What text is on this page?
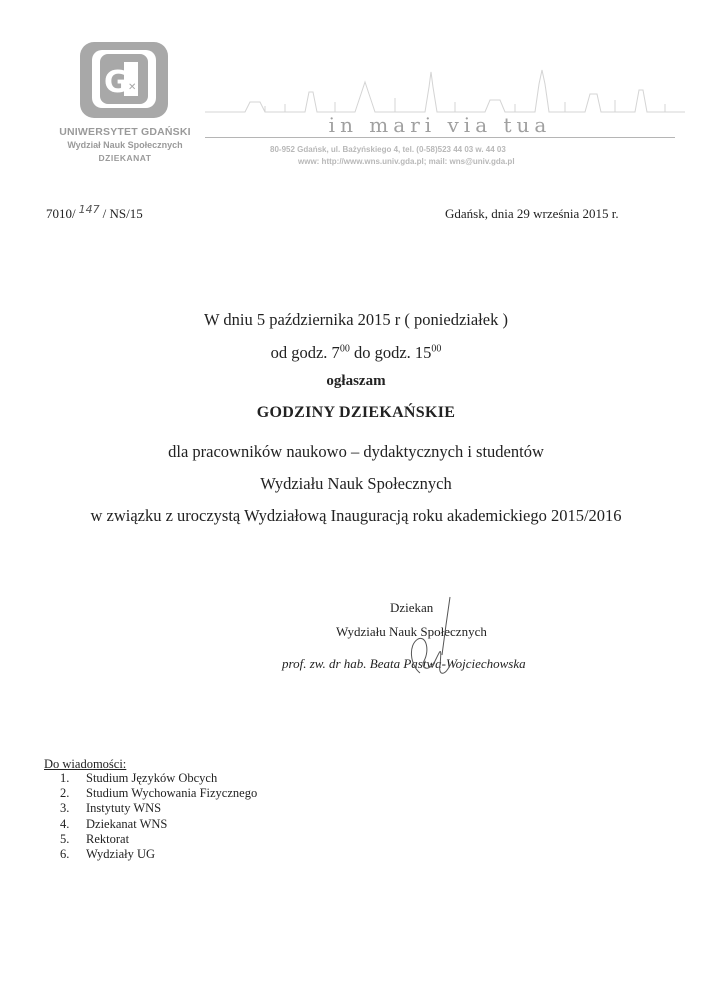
✕
G
UNIWERSYTET GDAŃSKI
Wydział Nauk Społecznych
DZIEKANAT
in mari via tua
80-952 Gdańsk, ul. Bażyńskiego 4, tel. (0-58)523 44 03 w. 44 03
www: http://www.wns.univ.gda.pl; mail: wns@univ.gda.pl
7010/ $^{147}$ / NS/15	Gdańsk, dnia 29 września 2015 r.
W dniu 5 października 2015 r ( poniedziałek )
od godz. $7^{00}$ do godz. $15^{00}$
ogłaszam
GODZINY DZIEKAŃSKIE
dla pracowników naukowo – dydaktycznych i studentów
Wydziału Nauk Społecznych
w związku z uroczystą Wydziałową Inauguracją roku akademickiego 2015/2016
Dziekan
Wydziału Nauk Społecznych
prof. zw. dr hab. Beata Pastwa-Wojciechowska
Do wiadomości:
1. Studium Języków Obcych
2. Studium Wychowania Fizycznego
3. Instytuty WNS
4. Dziekanat WNS
5. Rektorat
6. Wydziały UG
